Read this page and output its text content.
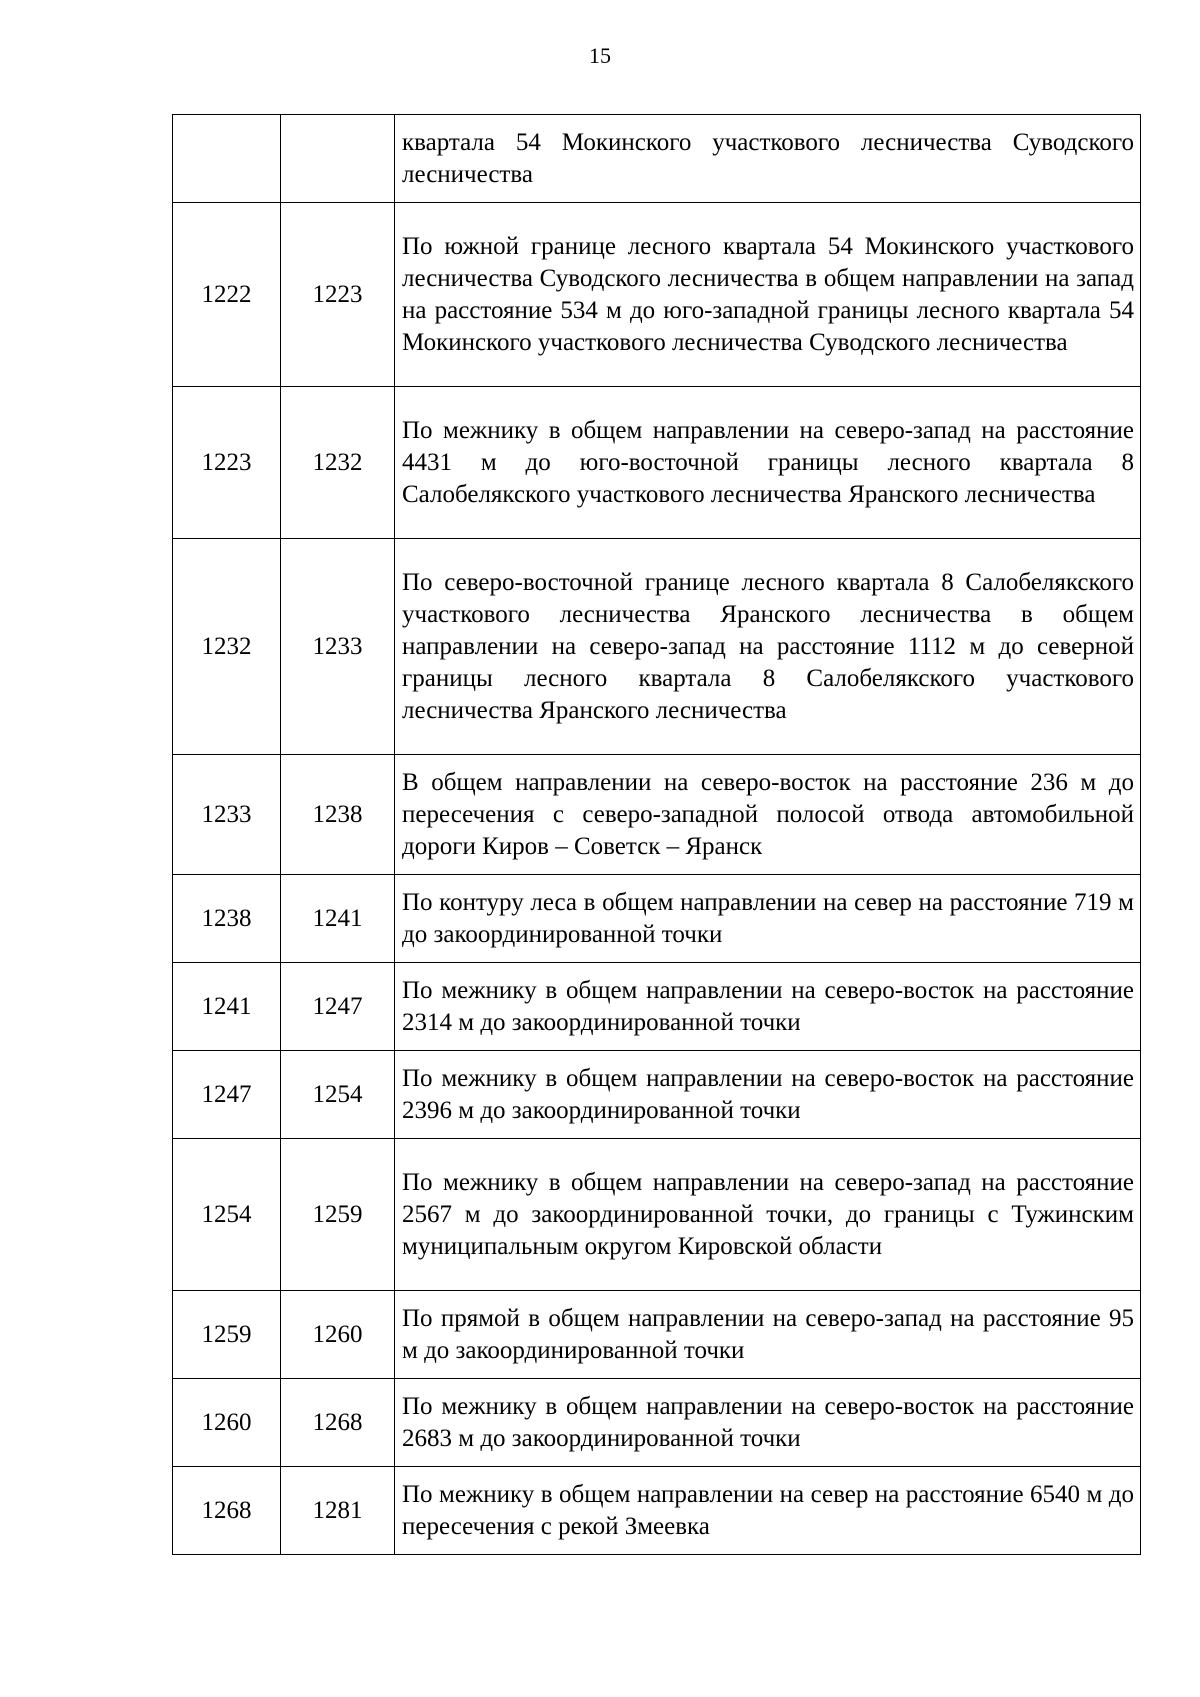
15
		квартала 54 Мокинского участкового лесничества Суводского лесничества
1222	1223	По южной границе лесного квартала 54 Мокинского участкового лесничества Суводского лесничества в общем направлении на запад на расстояние 534 м до юго-западной границы лесного квартала 54 Мокинского участкового лесничества Суводского лесничества
1223	1232	По межнику в общем направлении на северо-запад на расстояние 4431 м до юго-восточной границы лесного квартала 8 Салобелякского участкового лесничества Яранского лесничества
1232	1233	По северо-восточной границе лесного квартала 8 Салобелякского участкового лесничества Яранского лесничества в общем направлении на северо-запад на расстояние 1112 м до северной границы лесного квартала 8 Салобелякского участкового лесничества Яранского лесничества
1233	1238	В общем направлении на северо-восток на расстояние 236 м до пересечения с северо-западной полосой отвода автомобильной дороги Киров – Советск – Яранск
1238	1241	По контуру леса в общем направлении на север на расстояние 719 м до закоординированной точки
1241	1247	По межнику в общем направлении на северо-восток на расстояние 2314 м до закоординированной точки
1247	1254	По межнику в общем направлении на северо-восток на расстояние 2396 м до закоординированной точки
1254	1259	По межнику в общем направлении на северо-запад на расстояние 2567 м до закоординированной точки, до границы с Тужинским муниципальным округом Кировской области
1259	1260	По прямой в общем направлении на северо-запад на расстояние 95 м до закоординированной точки
1260	1268	По межнику в общем направлении на северо-восток на расстояние 2683 м до закоординированной точки
1268	1281	По межнику в общем направлении на север на расстояние 6540 м до пересечения с рекой Змеевка
